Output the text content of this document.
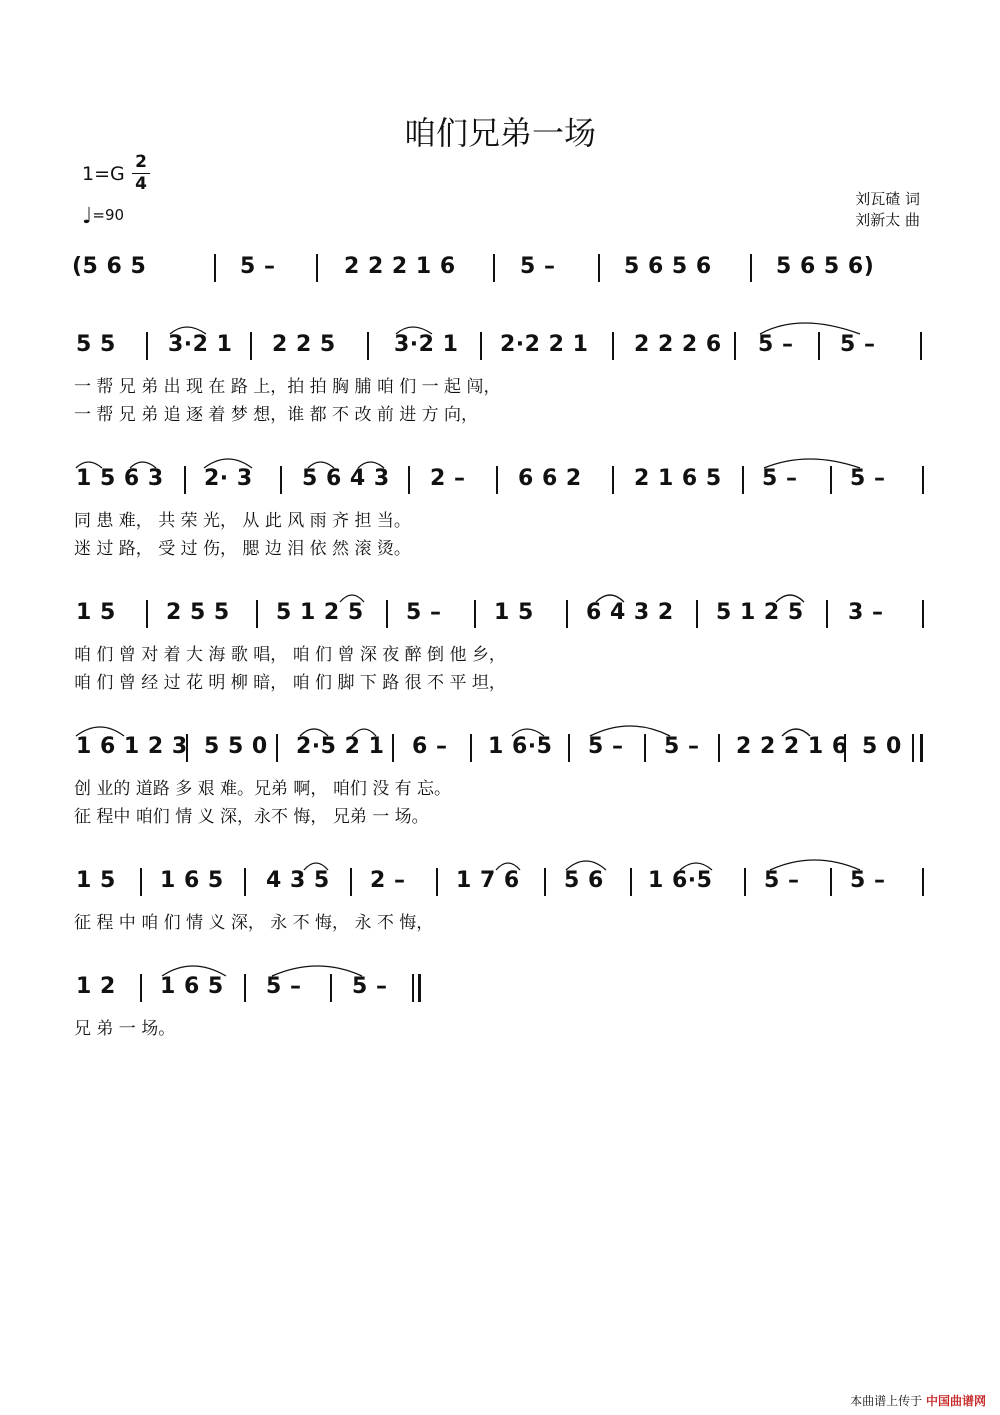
咱们兄弟一场
1=G
2
4
♩=90
刘瓦碴 词
刘新太 曲
(5 6 5	5 –	2 2 2 1 6	5 –	5 6 5 6	5 6 5 6)
5 5 3·2 1 2 2 5	3·2 1 2·2 2 1 2 2 2 6 5 – 5 –
一 帮 兄 弟 出 现 在 路 上，拍 拍 胸 脯 咱 们 一 起 闯，
一 帮 兄 弟 追 逐 着 梦 想，谁 都 不 改 前 进 方 向，
1 5 6 3 2· 3 5 6 4 3 2 – 6 6 2 2 1 6 5 5 – 5 –
同 患 难， 共 荣 光， 从 此 风 雨 齐 担 当。
迷 过 路， 受 过 伤， 腮 边 泪 依 然 滚 烫。
1 5 2 5 5 5 1 2 5 5 – 1 5 6 4 3 2 5 1 2 5 3 –
咱 们 曾 对 着 大 海 歌 唱， 咱 们 曾 深 夜 醉 倒 他 乡，
咱 们 曾 经 过 花 明 柳 暗， 咱 们 脚 下 路 很 不 平 坦，
1 6 1 2 3 5 5 0 2·5 2 1 6 – 1 6·5 5 – 5 – 2 2 2 1 6 5 0
创 业的 道路 多 艰 难。兄弟 啊， 咱们 没 有 忘。
征 程中 咱们 情 义 深，永不 悔， 兄弟 一 场。
1 5 1 6 5 4 3 5 2 – 1 7 6 5 6 1 6·5 5 – 5 –
征 程 中 咱 们 情 义 深， 永 不 悔， 永 不 悔，
1 2 1 6 5 5 – 5 –
兄 弟 一 场。
本曲谱上传于 中国曲谱网
